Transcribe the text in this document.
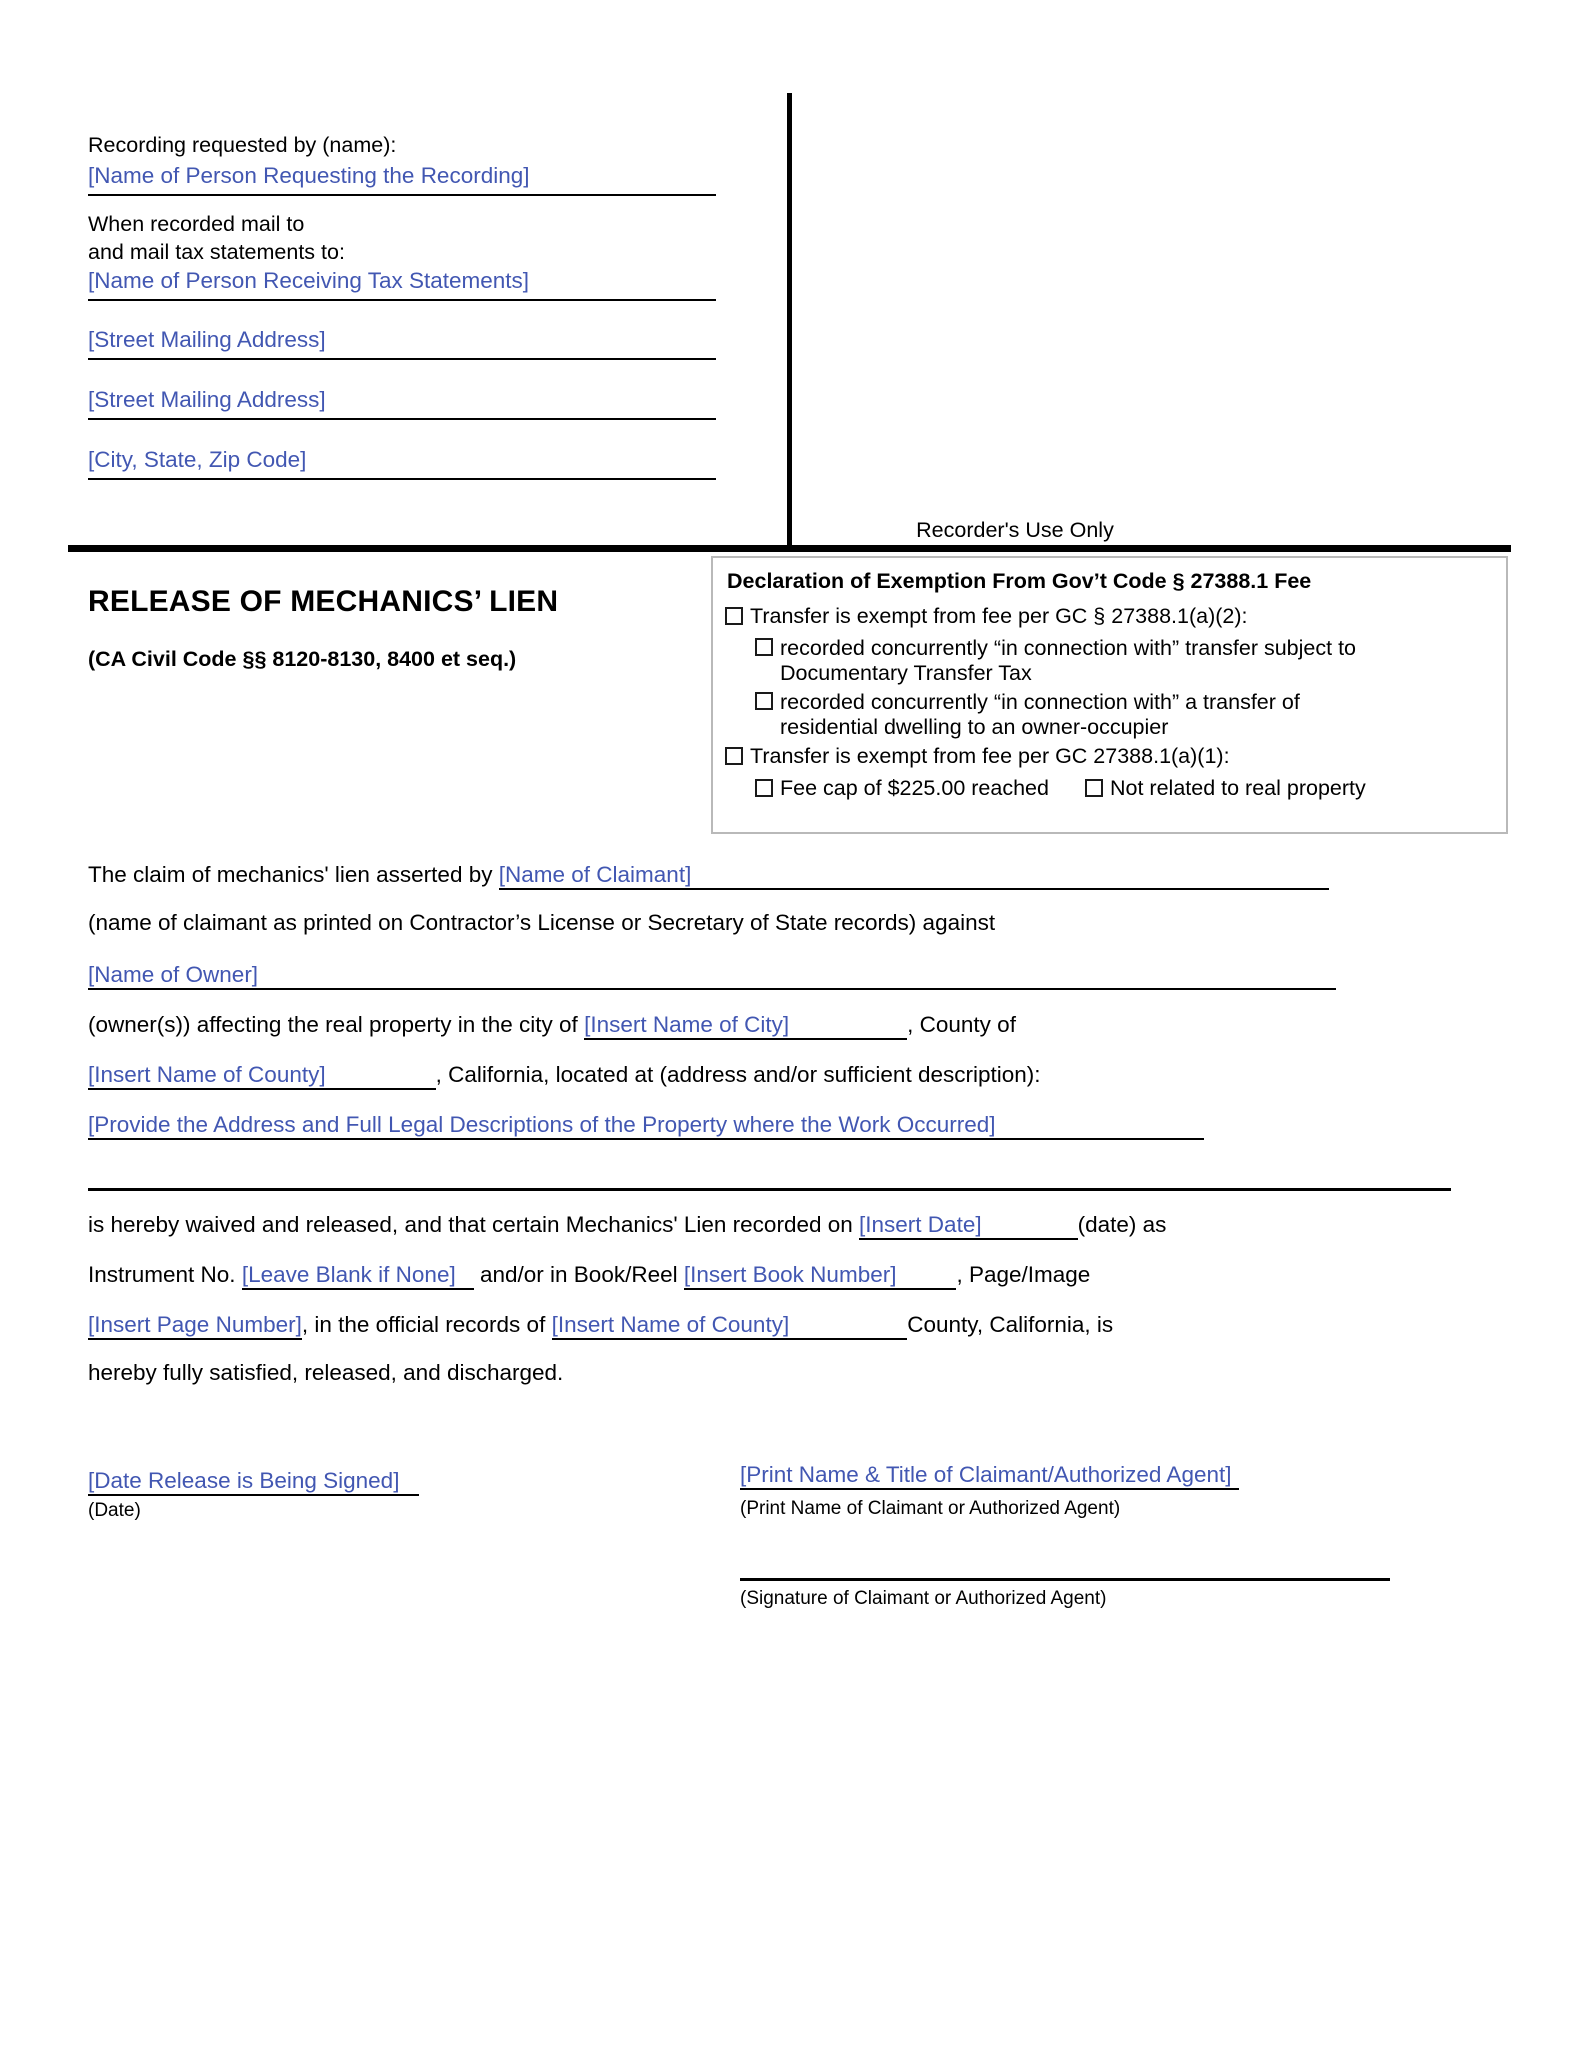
Recording requested by (name):
[Name of Person Requesting the Recording]
When recorded mail to
and mail tax statements to:
[Name of Person Receiving Tax Statements]
[Street Mailing Address]
[Street Mailing Address]
[City, State, Zip Code]
Recorder's Use Only
RELEASE OF MECHANICS’ LIEN
(CA Civil Code §§ 8120-8130, 8400 et seq.)
Declaration of Exemption From Gov’t Code § 27388.1 Fee
Transfer is exempt from fee per GC § 27388.1(a)(2):
recorded concurrently “in connection with” transfer subject to
Documentary Transfer Tax
recorded concurrently “in connection with” a transfer of
residential dwelling to an owner-occupier
Transfer is exempt from fee per GC 27388.1(a)(1):
Fee cap of $225.00 reached	Not related to real property
The claim of mechanics' lien asserted by [Name of Claimant]
(name of claimant as printed on Contractor’s License or Secretary of State records) against
[Name of Owner]
(owner(s)) affecting the real property in the city of [Insert Name of City]	, County of
[Insert Name of County]	, California, located at (address and/or sufficient description):
[Provide the Address and Full Legal Descriptions of the Property where the Work Occurred]
is hereby waived and released, and that certain Mechanics' Lien recorded on [Insert Date]	(date) as
Instrument No. [Leave Blank if None] and/or in Book/Reel [Insert Book Number]	, Page/Image
[Insert Page Number], in the official records of [Insert Name of County]	County, California, is
hereby fully satisfied, released, and discharged.
[Date Release is Being Signed]
(Date)
[Print Name & Title of Claimant/Authorized Agent]
(Print Name of Claimant or Authorized Agent)
(Signature of Claimant or Authorized Agent)
